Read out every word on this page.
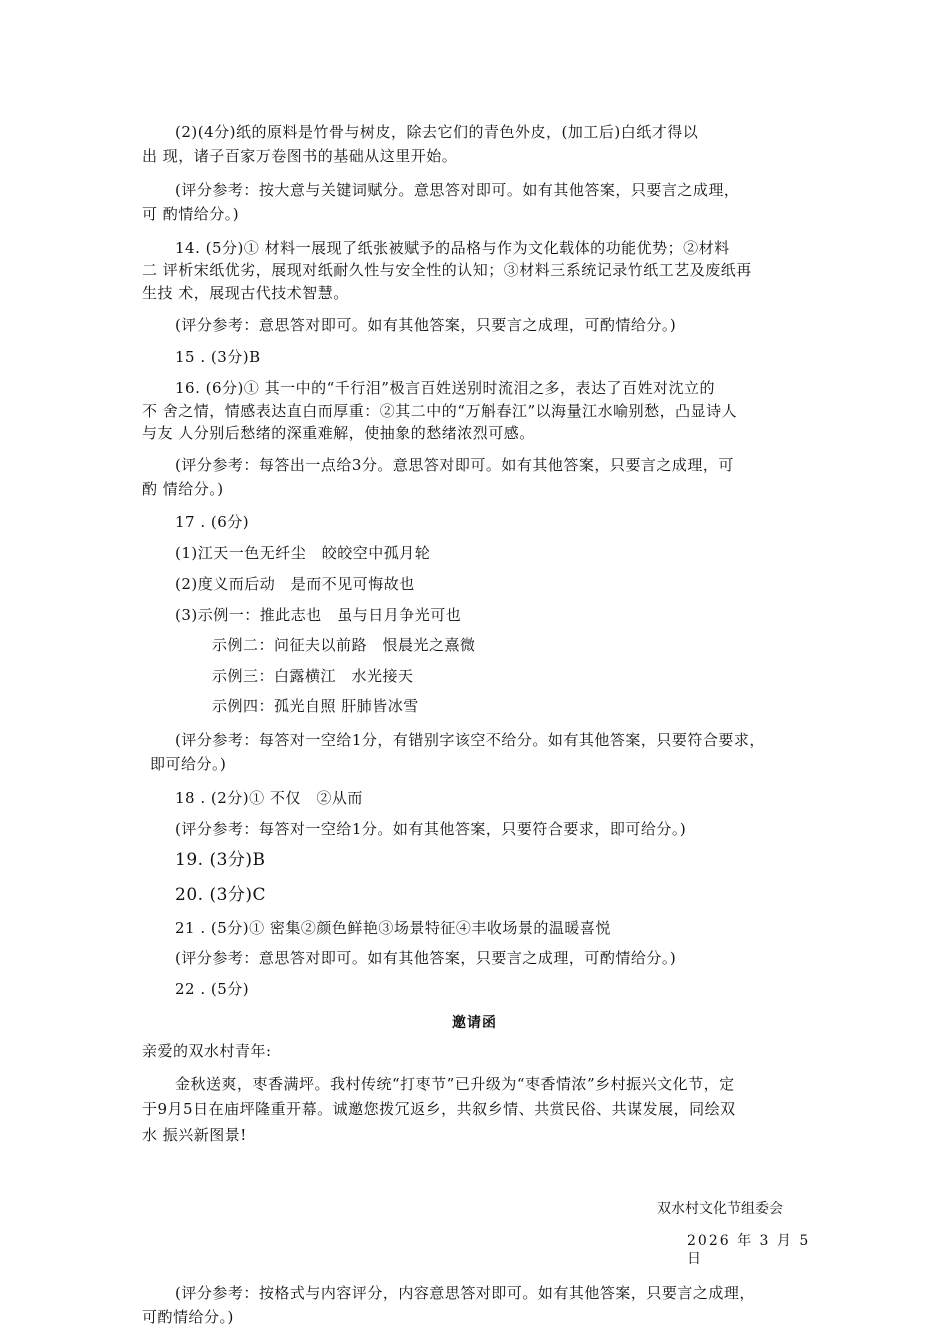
(2)(4分)纸的原料是竹骨与树皮，除去它们的青色外皮，(加工后)白纸才得以
出 现，诸子百家万卷图书的基础从这里开始。
(评分参考：按大意与关键词赋分。意思答对即可。如有其他答案，只要言之成理，
可 酌情给分。)
14. (5分)① 材料一展现了纸张被赋予的品格与作为文化载体的功能优势；②材料
二 评析宋纸优劣，展现对纸耐久性与安全性的认知；③材料三系统记录竹纸工艺及废纸再
生技 术，展现古代技术智慧。
(评分参考：意思答对即可。如有其他答案，只要言之成理，可酌情给分。)
15 . (3分)B
16. (6分)① 其一中的“千行泪”极言百姓送别时流泪之多，表达了百姓对沈立的
不 舍之情，情感表达直白而厚重：②其二中的“万斛春江”以海量江水喻别愁，凸显诗人
与友 人分别后愁绪的深重难解，使抽象的愁绪浓烈可感。
(评分参考：每答出一点给3分。意思答对即可。如有其他答案，只要言之成理，可
酌 情给分。)
17 . (6分)
(1)江天一色无纤尘　皎皎空中孤月轮
(2)度义而后动　是而不见可悔故也
(3)示例一：推此志也　虽与日月争光可也
示例二：问征夫以前路　恨晨光之熹微
示例三：白露横江　水光接天
示例四：孤光自照 肝肺皆冰雪
(评分参考：每答对一空给1分，有错别字该空不给分。如有其他答案，只要符合要求，
即可给分。)
18 . (2分)① 不仅　②从而
(评分参考：每答对一空给1分。如有其他答案，只要符合要求，即可给分。)
19. (3分)B
20. (3分)C
21 . (5分)① 密集②颜色鲜艳③场景特征④丰收场景的温暖喜悦
(评分参考：意思答对即可。如有其他答案，只要言之成理，可酌情给分。)
22 . (5分)
邀请函
亲爱的双水村青年:
金秋送爽，枣香满坪。我村传统“打枣节”已升级为“枣香情浓”乡村振兴文化节，定
于9月5日在庙坪隆重开幕。诚邀您拨冗返乡，共叙乡情、共赏民俗、共谋发展，同绘双
水 振兴新图景!
双水村文化节组委会
2026 年 3 月 5 日
(评分参考：按格式与内容评分，内容意思答对即可。如有其他答案，只要言之成理，
可酌情给分。)
